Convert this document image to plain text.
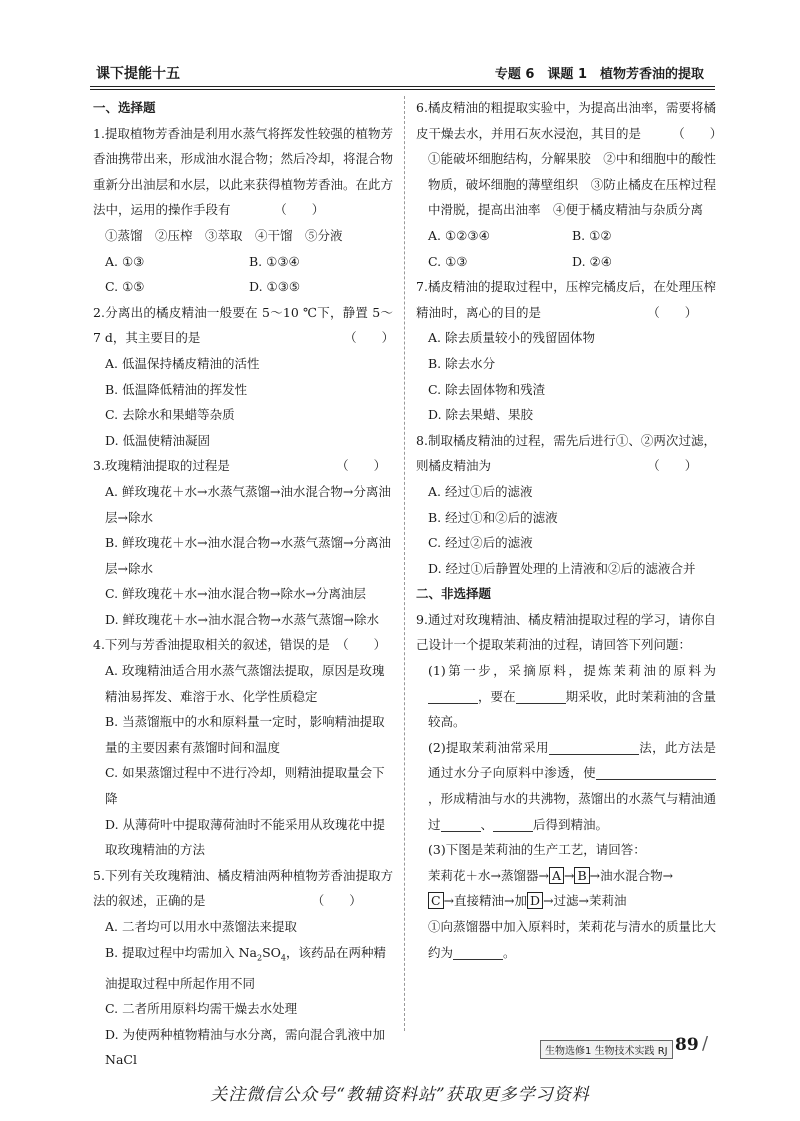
课下提能十五	专题 6　课题 1　植物芳香油的提取
一、选择题
1.提取植物芳香油是利用水蒸气将挥发性较强的植物芳香油携带出来，形成油水混合物；然后冷却，将混合物重新分出油层和水层，以此来获得植物芳香油。在此方法中，运用的操作手段有　　　　（　　）
①蒸馏　②压榨　③萃取　④干馏　⑤分液
A. ①③	B. ①③④
C. ①⑤	D. ①③⑤
2.分离出的橘皮精油一般要在 5～10 ℃下，静置 5～7 d，其主要目的是　　　　　　　　　　　　（　　）
A. 低温保持橘皮精油的活性
B. 低温降低精油的挥发性
C. 去除水和果蜡等杂质
D. 低温使精油凝固
3.玫瑰精油提取的过程是　　　　　　　　　（　　）
A. 鲜玫瑰花＋水→水蒸气蒸馏→油水混合物→分离油层→除水
B. 鲜玫瑰花＋水→油水混合物→水蒸气蒸馏→分离油层→除水
C. 鲜玫瑰花＋水→油水混合物→除水→分离油层
D. 鲜玫瑰花＋水→油水混合物→水蒸气蒸馏→除水
4.下列与芳香油提取相关的叙述，错误的是　（　　）
A. 玫瑰精油适合用水蒸气蒸馏法提取，原因是玫瑰精油易挥发、难溶于水、化学性质稳定
B. 当蒸馏瓶中的水和原料量一定时，影响精油提取量的主要因素有蒸馏时间和温度
C. 如果蒸馏过程中不进行冷却，则精油提取量会下降
D. 从薄荷叶中提取薄荷油时不能采用从玫瑰花中提取玫瑰精油的方法
5.下列有关玫瑰精油、橘皮精油两种植物芳香油提取方法的叙述，正确的是　　　　　　　　　（　　）
A. 二者均可以用水中蒸馏法来提取
B. 提取过程中均需加入 $Na_2SO_4$，该药品在两种精油提取过程中所起作用不同
C. 二者所用原料均需干燥去水处理
D. 为使两种植物精油与水分离，需向混合乳液中加 NaCl
6.橘皮精油的粗提取实验中，为提高出油率，需要将橘皮干燥去水，并用石灰水浸泡，其目的是　　　（　　）
①能破坏细胞结构，分解果胶　②中和细胞中的酸性物质，破坏细胞的薄壁组织　③防止橘皮在压榨过程中滑脱，提高出油率　④便于橘皮精油与杂质分离
A. ①②③④	B. ①②
C. ①③	D. ②④
7.橘皮精油的提取过程中，压榨完橘皮后，在处理压榨精油时，离心的目的是　　　　　　　　　（　　）
A. 除去质量较小的残留固体物
B. 除去水分
C. 除去固体物和残渣
D. 除去果蜡、果胶
8.制取橘皮精油的过程，需先后进行①、②两次过滤，则橘皮精油为　　　　　　　　　　　　　（　　）
A. 经过①后的滤液
B. 经过①和②后的滤液
C. 经过②后的滤液
D. 经过①后静置处理的上清液和②后的滤液合并
二、非选择题
9.通过对玫瑰精油、橘皮精油提取过程的学习，请你自己设计一个提取茉莉油的过程，请回答下列问题：
(1)第一步，采摘原料，提炼茉莉油的原料为，要在	期采收，此时茉莉油的含量较高。
(2)提取茉莉油常采用	法，此方法是通过水分子向原料中渗透，使，形成精油与水的共沸物，蒸馏出的水蒸气与精油通过	、	后得到精油。
(3)下图是茉莉油的生产工艺，请回答：
茉莉花＋水→蒸馏器→ A → B →油水混合物→
C →直接精油→加 D →过滤→茉莉油
①向蒸馏器中加入原料时，茉莉花与清水的质量比大约为	。
生物选修1 生物技术实践 RJ 89 /
关注微信公众号“教辅资料站”获取更多学习资料
